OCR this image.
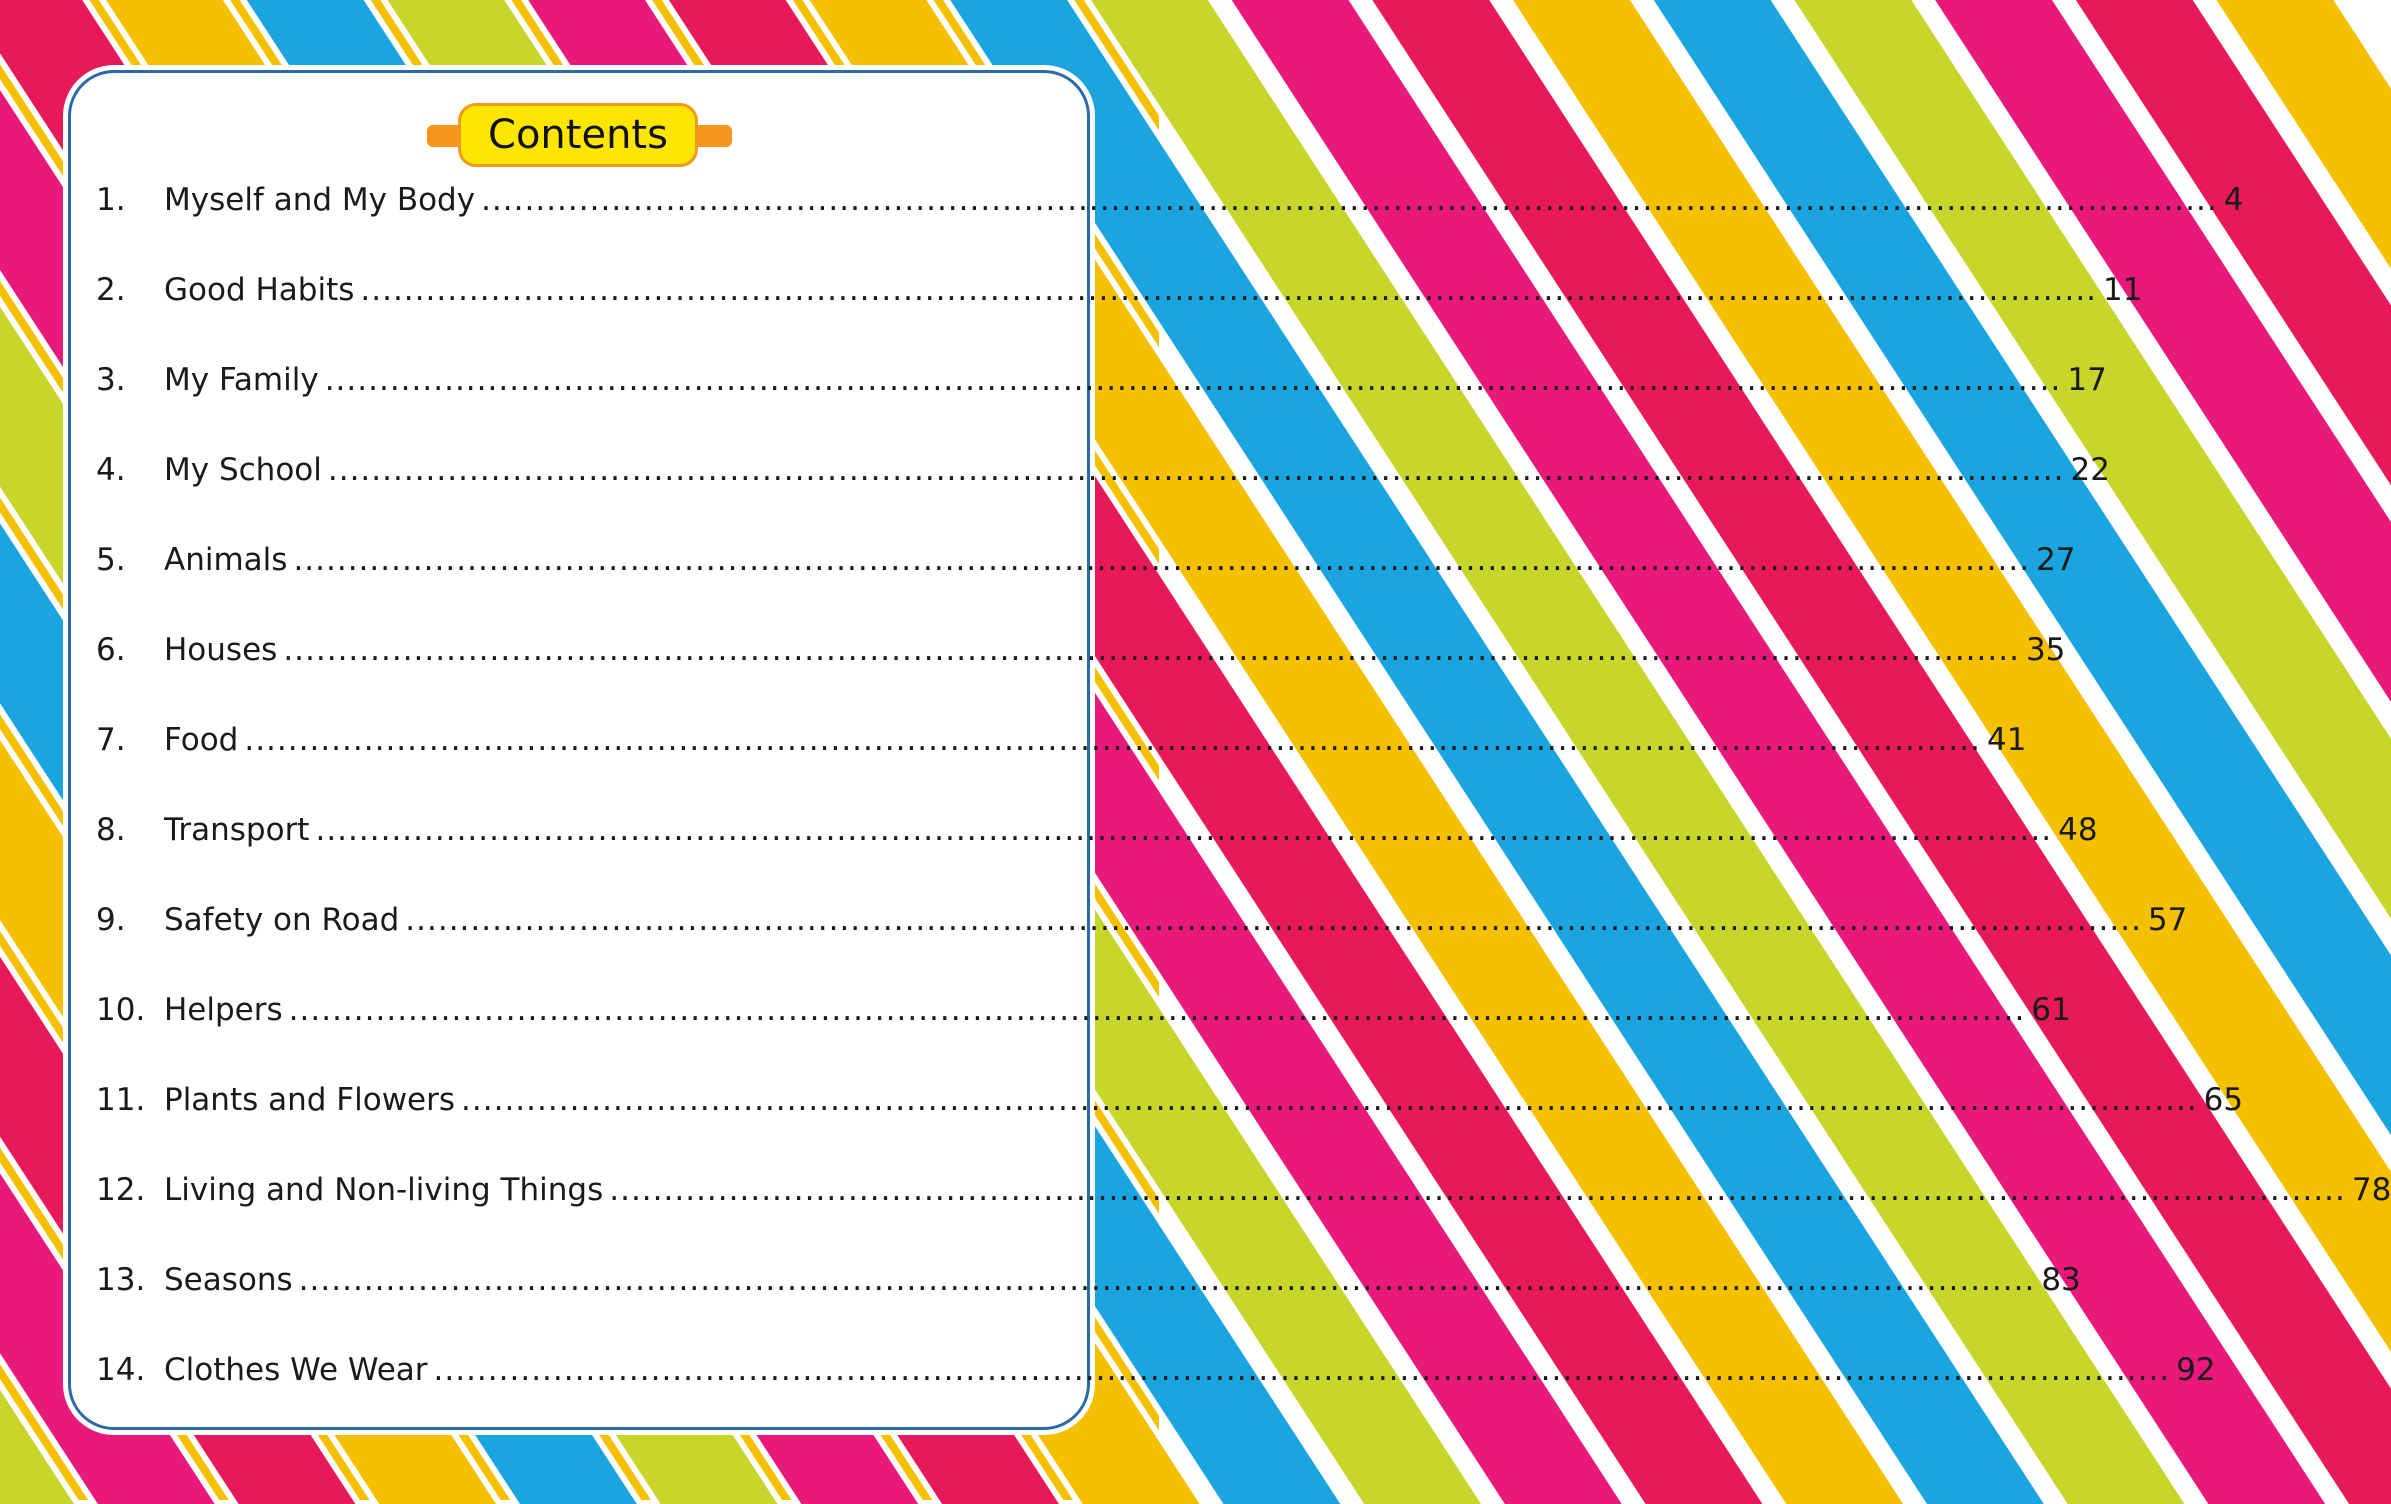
Contents
1.	Myself and My Body ................................................................................................................................................................ 4
2.	Good Habits ................................................................................................................................................................ 11
3.	My Family ................................................................................................................................................................ 17
4.	My School ................................................................................................................................................................ 22
5.	Animals ................................................................................................................................................................ 27
6.	Houses ................................................................................................................................................................ 35
7.	Food ................................................................................................................................................................ 41
8.	Transport ................................................................................................................................................................ 48
9.	Safety on Road ................................................................................................................................................................ 57
10. Helpers ................................................................................................................................................................ 61
11. Plants and Flowers ................................................................................................................................................................ 65
12. Living and Non-living Things ................................................................................................................................................................ 78
13. Seasons ................................................................................................................................................................ 83
14. Clothes We Wear ................................................................................................................................................................ 92
